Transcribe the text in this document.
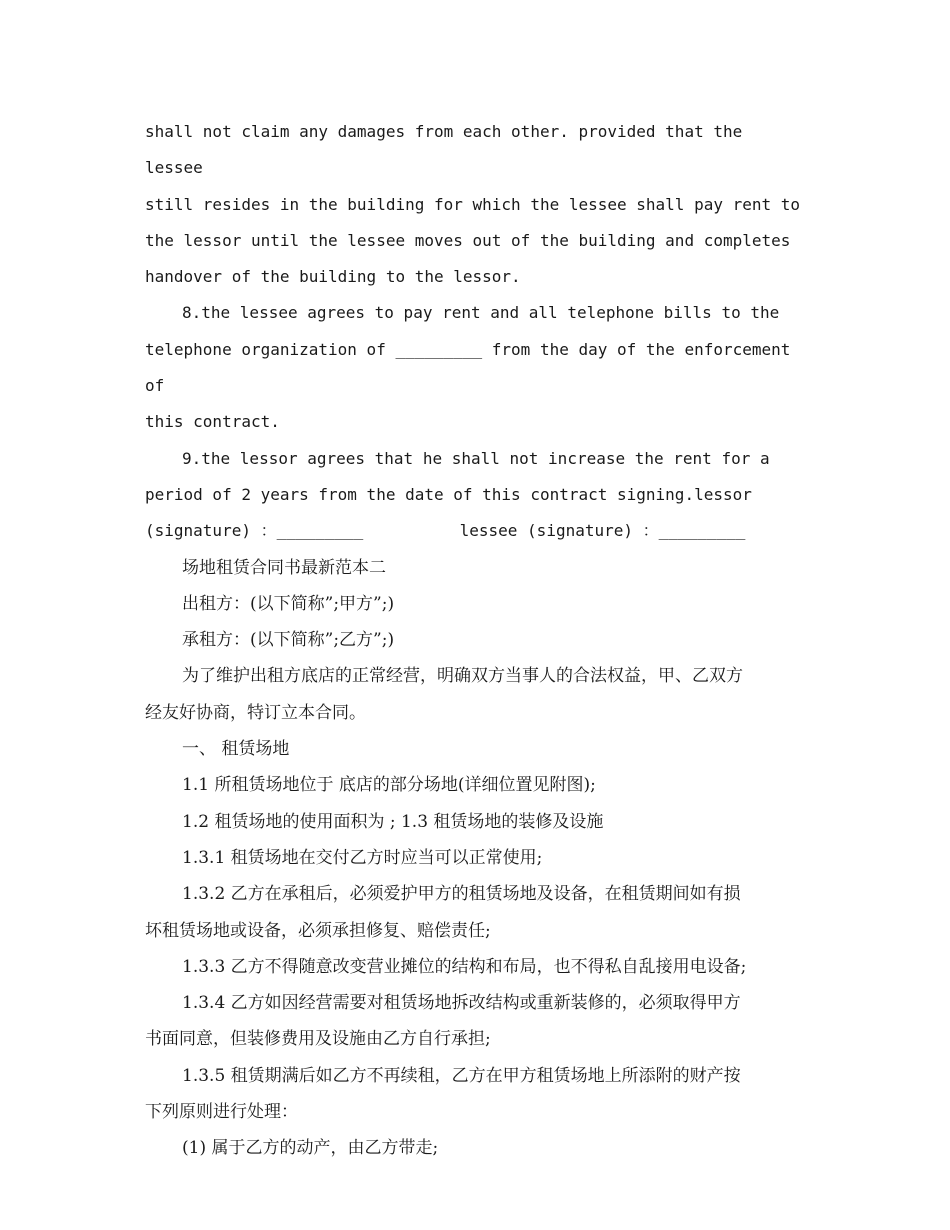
shall not claim any damages from each other. provided that the lessee
still resides in the building for which the lessee shall pay rent to
the lessor until the lessee moves out of the building and completes
handover of the building to the lessor.

8.the lessee agrees to pay rent and all telephone bills to the
telephone organization of _________ from the day of the enforcement of
this contract.

9.the lessor agrees that he shall not increase the rent for a
period of 2 years from the date of this contract signing.lessor
(signature) ：_________          lessee (signature) ：_________

场地租赁合同书最新范本二

出租方：(以下简称”;甲方”;)

承租方：(以下简称”;乙方”;)

为了维护出租方底店的正常经营，明确双方当事人的合法权益，甲、乙双方
经友好协商，特订立本合同。

一、 租赁场地

1.1 所租赁场地位于 底店的部分场地(详细位置见附图);

1.2 租赁场地的使用面积为 ; 1.3 租赁场地的装修及设施

1.3.1 租赁场地在交付乙方时应当可以正常使用;

1.3.2 乙方在承租后，必须爱护甲方的租赁场地及设备，在租赁期间如有损
坏租赁场地或设备，必须承担修复、赔偿责任;

1.3.3 乙方不得随意改变营业摊位的结构和布局，也不得私自乱接用电设备;

1.3.4 乙方如因经营需要对租赁场地拆改结构或重新装修的，必须取得甲方
书面同意，但装修费用及设施由乙方自行承担;

1.3.5 租赁期满后如乙方不再续租，乙方在甲方租赁场地上所添附的财产按
下列原则进行处理：

(1) 属于乙方的动产，由乙方带走;
